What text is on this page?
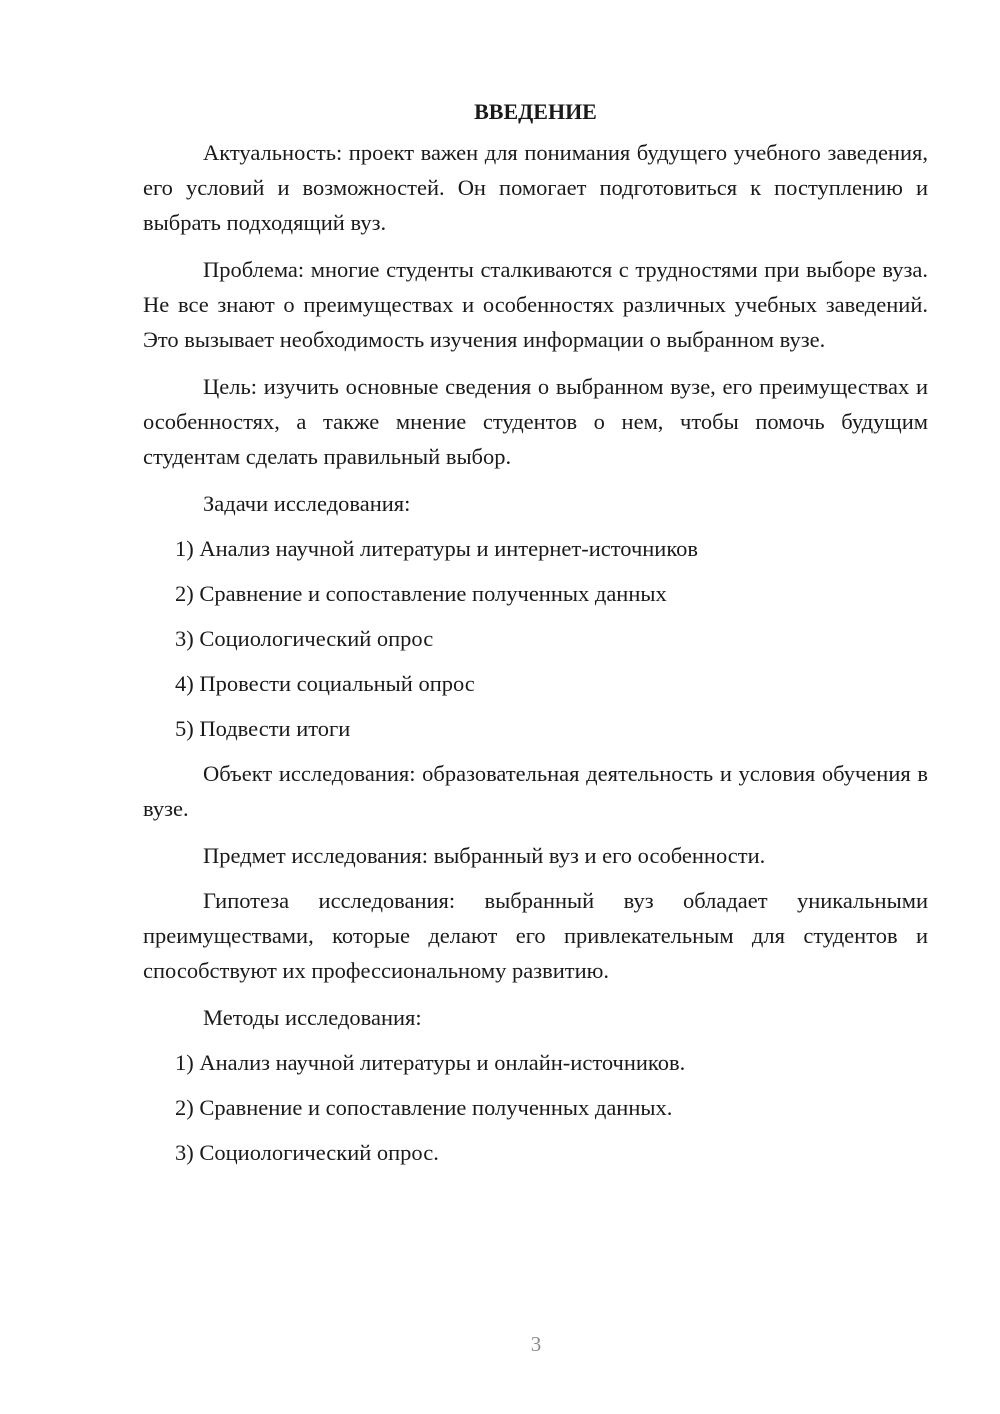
ВВЕДЕНИЕ

Актуальность: проект важен для понимания будущего учебного заведения, его условий и возможностей. Он помогает подготовиться к поступлению и выбрать подходящий вуз.

Проблема: многие студенты сталкиваются с трудностями при выборе вуза. Не все знают о преимуществах и особенностях различных учебных заведений. Это вызывает необходимость изучения информации о выбранном вузе.

Цель: изучить основные сведения о выбранном вузе, его преимуществах и особенностях, а также мнение студентов о нем, чтобы помочь будущим студентам сделать правильный выбор.

Задачи исследования:

1) Анализ научной литературы и интернет-источников

2) Сравнение и сопоставление полученных данных

3) Социологический опрос

4) Провести социальный опрос

5) Подвести итоги

Объект исследования: образовательная деятельность и условия обучения в вузе.

Предмет исследования: выбранный вуз и его особенности.

Гипотеза исследования: выбранный вуз обладает уникальными преимуществами, которые делают его привлекательным для студентов и способствуют их профессиональному развитию.

Методы исследования:

1) Анализ научной литературы и онлайн-источников.

2) Сравнение и сопоставление полученных данных.

3) Социологический опрос.

3
